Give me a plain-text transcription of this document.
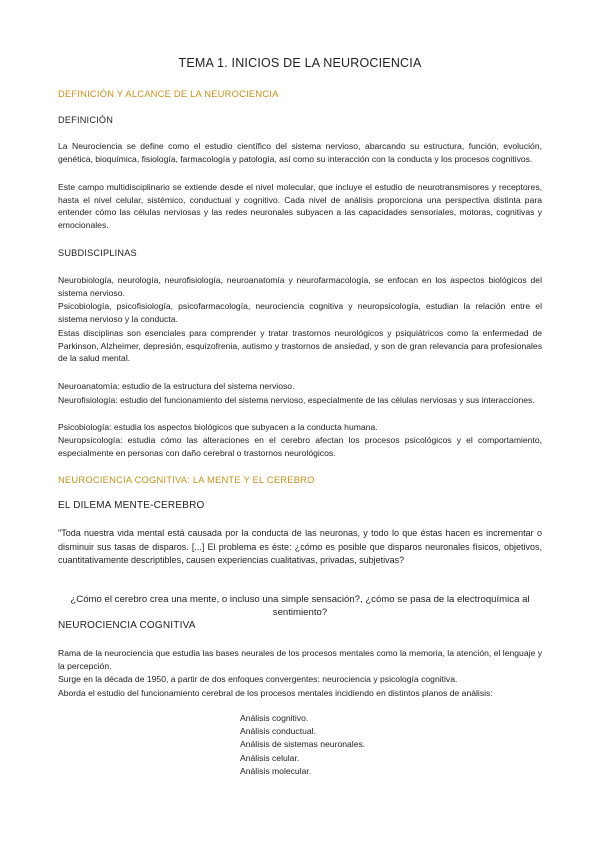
TEMA 1. INICIOS DE LA NEUROCIENCIA
DEFINICIÓN Y ALCANCE DE LA NEUROCIENCIA
DEFINICIÓN

La Neurociencia se define como el estudio científico del sistema nervioso, abarcando su estructura, función, evolución, genética, bioquímica, fisiología, farmacología y patología, así como su interacción con la conducta y los procesos cognitivos.

Este campo multidisciplinario se extiende desde el nivel molecular, que incluye el estudio de neurotransmisores y receptores, hasta el nivel celular, sistémico, conductual y cognitivo. Cada nivel de análisis proporciona una perspectiva distinta para entender cómo las células nerviosas y las redes neuronales subyacen a las capacidades sensoriales, motoras, cognitivas y emocionales.

SUBDISCIPLINAS

Neurobiología, neurología, neurofisiología, neuroanatomía y neurofarmacología, se enfocan en los aspectos biológicos del sistema nervioso.

Psicobiología, psicofisiología, psicofarmacología, neurociencia cognitiva y neuropsicología, estudian la relación entre el sistema nervioso y la conducta.

Estas disciplinas son esenciales para comprender y tratar trastornos neurológicos y psiquiátricos como la enfermedad de Parkinson, Alzheimer, depresión, esquizofrenia, autismo y trastornos de ansiedad, y son de gran relevancia para profesionales de la salud mental.

Neuroanatomía: estudio de la estructura del sistema nervioso.

Neurofisiología: estudio del funcionamiento del sistema nervioso, especialmente de las células nerviosas y sus interacciones.

Psicobiología: estudia los aspectos biológicos que subyacen a la conducta humana.

Neuropsicología: estudia cómo las alteraciones en el cerebro afectan los procesos psicológicos y el comportamiento, especialmente en personas con daño cerebral o trastornos neurológicos.

NEUROCIENCIA COGNITIVA: LA MENTE Y EL CEREBRO
EL DILEMA MENTE-CEREBRO

"Toda nuestra vida mental está causada por la conducta de las neuronas, y todo lo que éstas hacen es incrementar o disminuir sus tasas de disparos. [...] El problema es éste: ¿cómo es posible que disparos neuronales físicos, objetivos, cuantitativamente descriptibles, causen experiencias cualitativas, privadas, subjetivas?

¿Cómo el cerebro crea una mente, o incluso una simple sensación?, ¿cómo se pasa de la electroquímica al sentimiento?

NEUROCIENCIA COGNITIVA

Rama de la neurociencia que estudia las bases neurales de los procesos mentales como la memoria, la atención, el lenguaje y la percepción.

Surge en la década de 1950, a partir de dos enfoques convergentes: neurociencia y psicología cognitiva.

Aborda el estudio del funcionamiento cerebral de los procesos mentales incidiendo en distintos planos de análisis:

Análisis cognitivo.
Análisis conductual.
Análisis de sistemas neuronales.
Análisis celular.
Análisis molecular.
